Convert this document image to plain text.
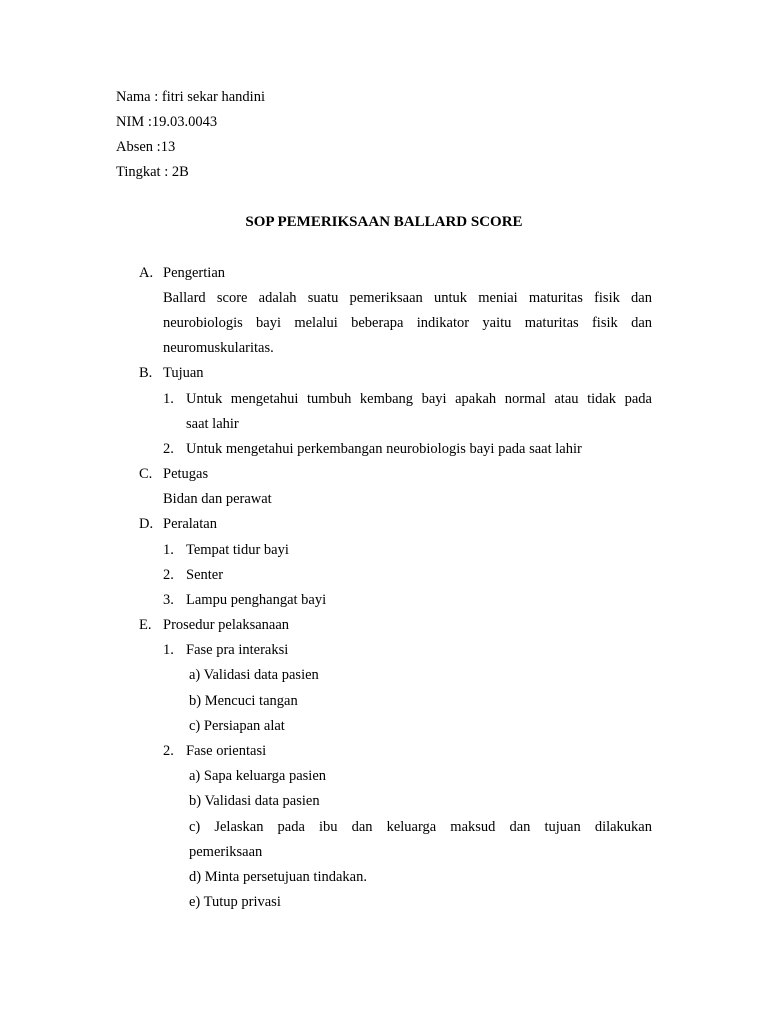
Nama : fitri sekar handini
NIM :19.03.0043
Absen :13
Tingkat : 2B
SOP PEMERIKSAAN BALLARD SCORE
A. Pengertian
Ballard score adalah suatu pemeriksaan untuk meniai maturitas fisik dan
neurobiologis bayi melalui beberapa indikator yaitu maturitas fisik dan
neuromuskularitas.
B. Tujuan
1. Untuk mengetahui tumbuh kembang bayi apakah normal atau tidak pada
saat lahir
2. Untuk mengetahui perkembangan neurobiologis bayi pada saat lahir
C. Petugas
Bidan dan perawat
D. Peralatan
1. Tempat tidur bayi
2. Senter
3. Lampu penghangat bayi
E. Prosedur pelaksanaan
1. Fase pra interaksi
a) Validasi data pasien
b) Mencuci tangan
c) Persiapan alat
2. Fase orientasi
a) Sapa keluarga pasien
b) Validasi data pasien
c) Jelaskan pada ibu dan keluarga maksud dan tujuan dilakukan
pemeriksaan
d) Minta persetujuan tindakan.
e) Tutup privasi
